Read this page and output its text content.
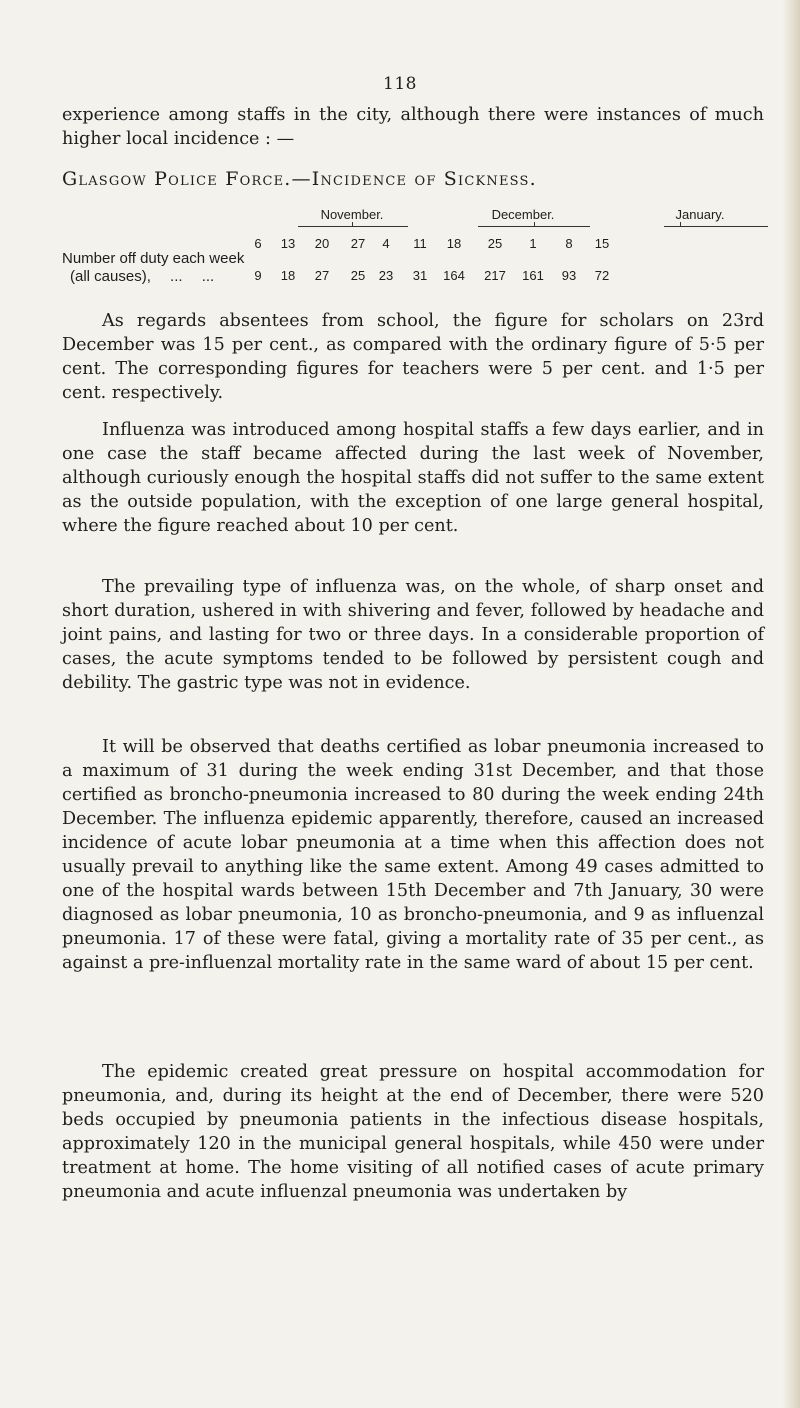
118

experience among staffs in the city, although there were instances of much higher local incidence : —

Glasgow Police Force.—Incidence of Sickness.
November.	December.	January.
6	13	20	27	4	11	18	25	1	8	15
Number off duty each week
(all causes),  ...  ...	9	18	27	25	23	31	164	217	161	93	72

As regards absentees from school, the figure for scholars on 23rd December was 15 per cent., as compared with the ordinary figure of 5·5 per cent. The corresponding figures for teachers were 5 per cent. and 1·5 per cent. respectively.

Influenza was introduced among hospital staffs a few days earlier, and in one case the staff became affected during the last week of November, although curiously enough the hospital staffs did not suffer to the same extent as the outside population, with the exception of one large general hospital, where the figure reached about 10 per cent.

The prevailing type of influenza was, on the whole, of sharp onset and short duration, ushered in with shivering and fever, followed by headache and joint pains, and lasting for two or three days. In a considerable proportion of cases, the acute symptoms tended to be followed by persistent cough and debility. The gastric type was not in evidence.

It will be observed that deaths certified as lobar pneumonia increased to a maximum of 31 during the week ending 31st December, and that those certified as broncho-pneumonia increased to 80 during the week ending 24th December. The influenza epidemic apparently, therefore, caused an increased incidence of acute lobar pneumonia at a time when this affection does not usually prevail to anything like the same extent. Among 49 cases admitted to one of the hospital wards between 15th December and 7th January, 30 were diagnosed as lobar pneumonia, 10 as broncho-pneumonia, and 9 as influenzal pneumonia. 17 of these were fatal, giving a mortality rate of 35 per cent., as against a pre-influenzal mortality rate in the same ward of about 15 per cent.

The epidemic created great pressure on hospital accommodation for pneumonia, and, during its height at the end of December, there were 520 beds occupied by pneumonia patients in the infectious disease hospitals, approximately 120 in the municipal general hospitals, while 450 were under treatment at home. The home visiting of all notified cases of acute primary pneumonia and acute influenzal pneumonia was undertaken by
